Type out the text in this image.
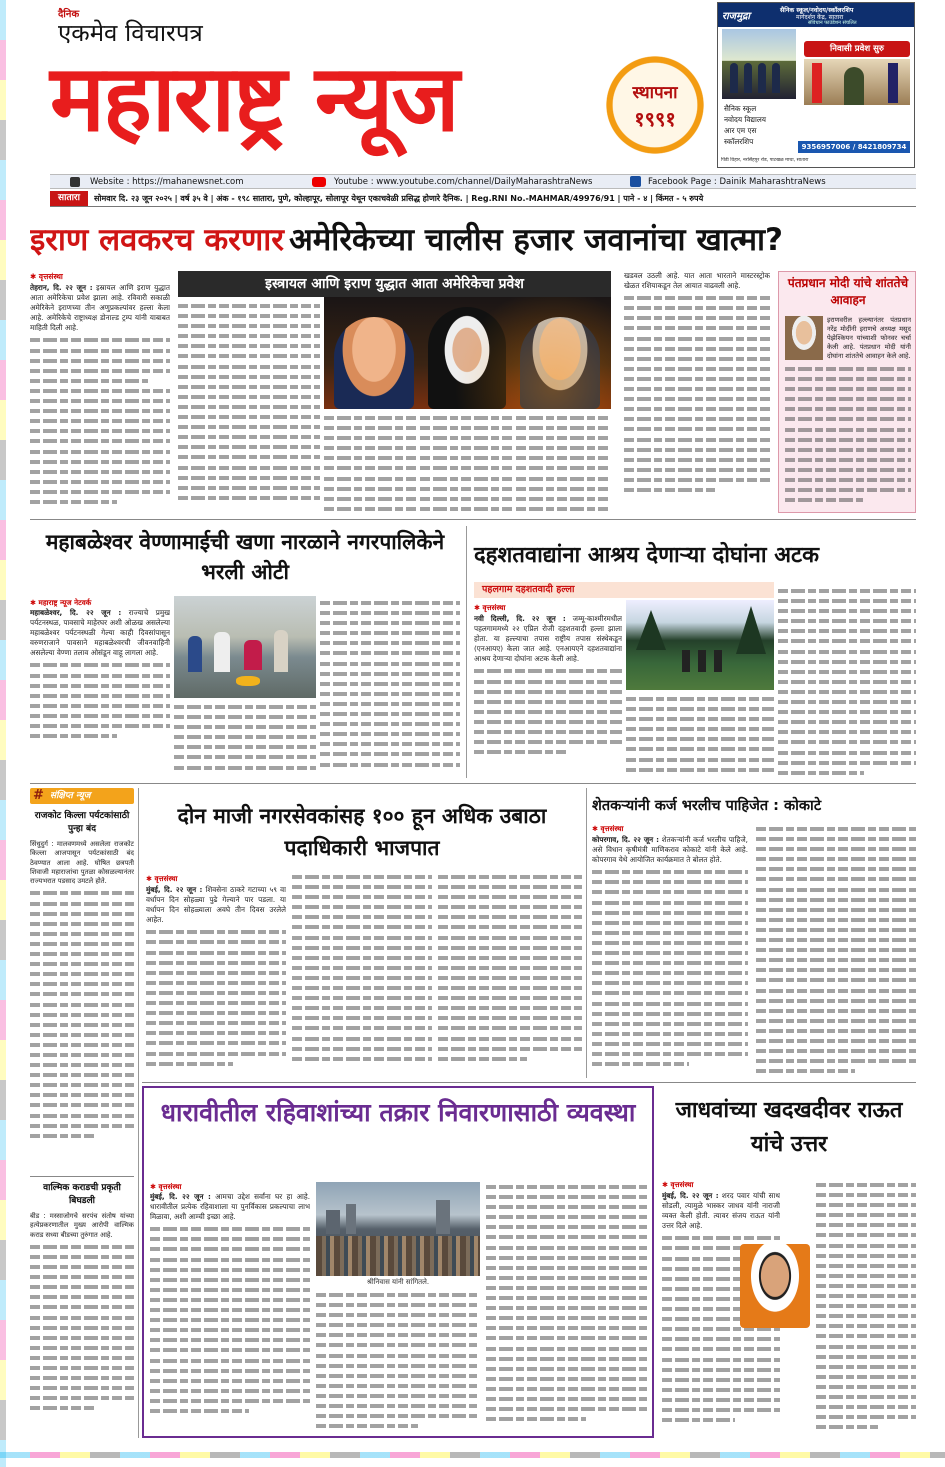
दैनिक
एकमेव विचारपत्र
महाराष्ट्र न्यूज	स्थापना
१९९१
राजमुद्रा
सैनिक स्कूल/नवोदय/स्कॉलरशिप
मार्गदर्शन केंद्र, सातारा
संविधान फाउंडेशन संचलित
निवासी प्रवेश सुरु
सैनिक स्कूल
नवोदय विद्यालय
आर एम एस
स्कॉलरशिप
9356957006 / 8421809734
पिंडी विहार, नरसिंहपुर रोड, पाटखळ माथा, सातारा
Website : https://mahanewsnet.com	Youtube : www.youtube.com/channel/DailyMaharashtraNews	Facebook Page : Dainik MaharashtraNews
सातारा	सोमवार दि. २३ जून २०२५ | वर्ष ३५ वे | अंक - १९८ सातारा, पुणे, कोल्हापूर, सोलापूर येथून एकाचवेळी प्रसिद्ध होणारे दैनिक. | Reg.RNI No.-MAHMAR/49976/91 | पाने - ४ | किंमत - ५ रुपये
इराण लवकरच करणार अमेरिकेच्या चालीस हजार जवानांचा खात्मा?
✱ वृत्तसंस्था
तेहरान, दि. २२ जून : इस्रायल आणि इराण युद्धात आता अमेरिकेचा प्रवेश झाला आहे. रविवारी सकाळी अमेरिकेने इराणच्या तीन अणुप्रकल्पांवर हल्ला केला आहे. अमेरिकेचे राष्ट्राध्यक्ष डोनाल्ड ट्रम्प यांनी याबाबत माहिती दिली आहे.
इस्त्रायल आणि इराण युद्धात आता अमेरिकेचा प्रवेश
खडवल उठली आहे. यात आता भारताने मास्टरस्ट्रोक खेळत रशियाकडून तेल आयात वाढवली आहे.	पंतप्रधान मोदी यांचे शांततेचे आवाहन
इराणवरील हल्ल्यानंतर पंतप्रधान नरेंद्र मोदींनी इराणचे अध्यक्ष मसूद पेझेश्कियन यांच्याशी फोनवर चर्चा केली आहे. पंतप्रधान मोदी यांनी दोघांना शांततेचे आवाहन केले आहे.
महाबळेश्वर वेण्णामाईची खणा नारळाने नगरपालिकेने भरली ओटी
✱ महाराष्ट्र न्यूज नेटवर्क
महाबळेश्वर, दि. २२ जून : राज्याचे प्रमुख पर्यटनस्थळ, पावसाचे माहेरघर अशी ओळख असलेल्या महाबळेश्वर पर्यटनस्थळी गेल्या काही दिवसांपासून वरुणराजाने पावसाने महाबळेश्वरची जीवनवाहिनी असलेल्या वेण्णा तलाव ओसंडून वाहू लागला आहे.
दहशतवाद्यांना आश्रय देणाऱ्या दोघांना अटक
पहलगाम दहशतवादी हल्ला
✱ वृत्तसंस्था
नवी दिल्ली, दि. २२ जून : जम्मू-काश्मीरमधील पहलगाममध्ये २२ एप्रिल रोजी दहशतवादी हल्ला झाला होता. या हल्ल्याचा तपास राष्ट्रीय तपास संस्थेकडून (एनआयए) केला जात आहे. एनआयएने दहशतवाद्यांना आश्रय देणाऱ्या दोघांना अटक केली आहे.
# संक्षिप्त न्यूज
राजकोट किल्ला पर्यटकांसाठी पुन्हा बंद
सिंधुदुर्ग : मालवणमध्ये असलेला राजकोट किल्ला आजपासून पर्यटकांसाठी बंद ठेवण्यात आला आहे. घोषित छत्रपती शिवाजी महाराजांचा पुतळा कोसळल्यानंतर राज्यभरात पडसाद उमटले होते.
वाल्मिक कराडची प्रकृती बिघडली
बीड : मस्साजोगचे सरपंच संतोष यांच्या हत्येप्रकरणातील मुख्य आरोपी वाल्मिक कराड सध्या बीडच्या तुरुंगात आहे.
दोन माजी नगरसेवकांसह १०० हून अधिक उबाठा पदाधिकारी भाजपात
✱ वृत्तसंस्था
मुंबई, दि. २२ जून : शिवसेना ठाकरे गटाच्या ५९ वा वर्धापन दिन सोहळ्या पुढे गेल्याने पार पडला. या वर्धापन दिन सोहळ्याला अवघे तीन दिवस उरलेले आहेत.
शेतकऱ्यांनी कर्ज भरलीच पाहिजेत : कोकाटे
✱ वृत्तसंस्था
कोपरगाव, दि. २२ जून : शेतकऱ्यांनी कर्ज भरलीच पाहिजे, असे विधान कृषीमंत्री माणिकराव कोकाटे यांनी केले आहे. कोपरगाव येथे आयोजित कार्यक्रमात ते बोलत होते.
धारावीतील रहिवाशांच्या तक्रार निवारणासाठी व्यवस्था
✱ वृत्तसंस्था
मुंबई, दि. २२ जून : आमचा उद्देश सर्वांना घर हा आहे. धारावीतील प्रत्येक रहिवाशाला या पुनर्विकास प्रकल्पाचा लाभ मिळावा, अशी आम्ची इच्छा आहे.
श्रीनिवास यांनी सांगितले.
जाधवांच्या खदखदीवर राऊत यांचे उत्तर
✱ वृत्तसंस्था
मुंबई, दि. २२ जून : शरद पवार यांची साथ सोडली, त्यामुळे भास्कर जाधव यांनी नाराजी व्यक्त केली होती. त्यावर संजय राऊत यांनी उत्तर दिले आहे.
